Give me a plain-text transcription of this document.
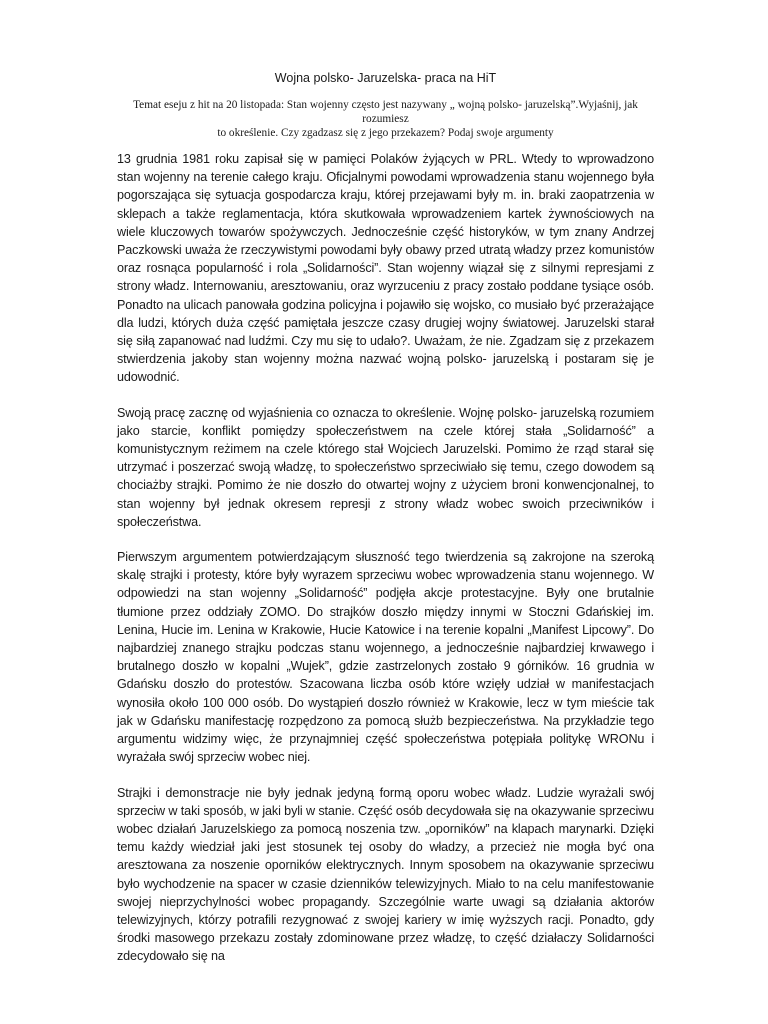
Wojna polsko- Jaruzelska- praca na HiT
Temat eseju z hit na 20 listopada: Stan wojenny często jest nazywany „ wojną polsko- jaruzelską”.Wyjaśnij, jak rozumiesz
to określenie. Czy zgadzasz się z jego przekazem? Podaj swoje argumenty

13 grudnia 1981 roku zapisał się w pamięci Polaków żyjących w PRL. Wtedy to wprowadzono stan wojenny na terenie całego kraju. Oficjalnymi powodami wprowadzenia stanu wojennego była pogorszająca się sytuacja gospodarcza kraju, której przejawami były m. in. braki zaopatrzenia w sklepach a także reglamentacja, która skutkowała wprowadzeniem kartek żywnościowych na wiele kluczowych towarów spożywczych. Jednocześnie część historyków, w tym znany Andrzej Paczkowski uważa że rzeczywistymi powodami były obawy przed utratą władzy przez komunistów oraz rosnąca popularność i rola „Solidarności”. Stan wojenny wiązał się z silnymi represjami z strony władz. Internowaniu, aresztowaniu, oraz wyrzuceniu z pracy zostało poddane tysiące osób. Ponadto na ulicach panowała godzina policyjna i pojawiło się wojsko, co musiało być przerażające dla ludzi, których duża część pamiętała jeszcze czasy drugiej wojny światowej. Jaruzelski starał się siłą zapanować nad ludźmi. Czy mu się to udało?. Uważam, że nie. Zgadzam się z przekazem stwierdzenia jakoby stan wojenny można nazwać wojną polsko- jaruzelską i postaram się je udowodnić.

Swoją pracę zacznę od wyjaśnienia co oznacza to określenie. Wojnę polsko- jaruzelską rozumiem jako starcie, konflikt pomiędzy społeczeństwem na czele której stała „Solidarność” a komunistycznym reżimem na czele którego stał Wojciech Jaruzelski. Pomimo że rząd starał się utrzymać i poszerzać swoją władzę, to społeczeństwo sprzeciwiało się temu, czego dowodem są chociażby strajki. Pomimo że nie doszło do otwartej wojny z użyciem broni konwencjonalnej, to stan wojenny był jednak okresem represji z strony władz wobec swoich przeciwników i społeczeństwa.

Pierwszym argumentem potwierdzającym słuszność tego twierdzenia są zakrojone na szeroką skalę strajki i protesty, które były wyrazem sprzeciwu wobec wprowadzenia stanu wojennego. W odpowiedzi na stan wojenny „Solidarność” podjęła akcje protestacyjne. Były one brutalnie tłumione przez oddziały ZOMO. Do strajków doszło między innymi w Stoczni Gdańskiej im. Lenina, Hucie im. Lenina w Krakowie, Hucie Katowice i na terenie kopalni „Manifest Lipcowy”. Do najbardziej znanego strajku podczas stanu wojennego, a jednocześnie najbardziej krwawego i brutalnego doszło w kopalni „Wujek”, gdzie zastrzelonych zostało 9 górników. 16 grudnia w Gdańsku doszło do protestów. Szacowana liczba osób które wzięły udział w manifestacjach wynosiła około 100 000 osób. Do wystąpień doszło również w Krakowie, lecz w tym mieście tak jak w Gdańsku manifestację rozpędzono za pomocą służb bezpieczeństwa. Na przykładzie tego argumentu widzimy więc, że przynajmniej część społeczeństwa potępiała politykę WRONu i wyrażała swój sprzeciw wobec niej.

Strajki i demonstracje nie były jednak jedyną formą oporu wobec władz. Ludzie wyrażali swój sprzeciw w taki sposób, w jaki byli w stanie. Część osób decydowała się na okazywanie sprzeciwu wobec działań Jaruzelskiego za pomocą noszenia tzw. „oporników” na klapach marynarki. Dzięki temu każdy wiedział jaki jest stosunek tej osoby do władzy, a przecież nie mogła być ona aresztowana za noszenie oporników elektrycznych. Innym sposobem na okazywanie sprzeciwu było wychodzenie na spacer w czasie dzienników telewizyjnych. Miało to na celu manifestowanie swojej nieprzychylności wobec propagandy. Szczególnie warte uwagi są działania aktorów telewizyjnych, którzy potrafili rezygnować z swojej kariery w imię wyższych racji. Ponadto, gdy środki masowego przekazu zostały zdominowane przez władzę, to część działaczy Solidarności zdecydowało się na
